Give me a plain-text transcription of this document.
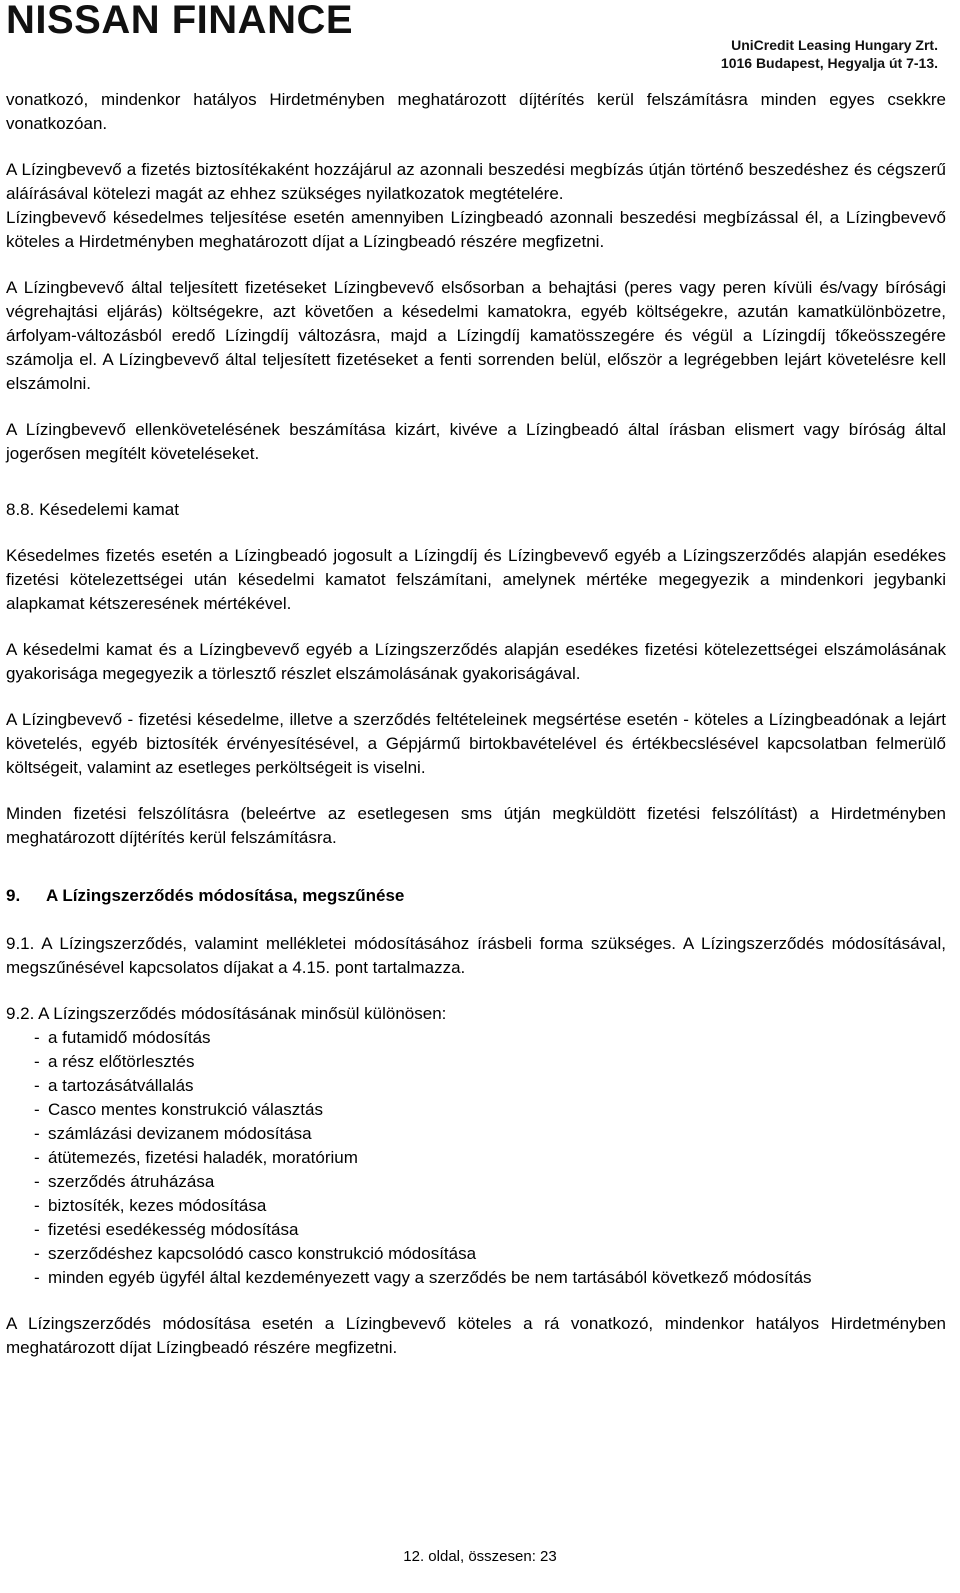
NISSAN FINANCE
UniCredit Leasing Hungary Zrt.
1016 Budapest, Hegyalja út 7-13.

vonatkozó, mindenkor hatályos Hirdetményben meghatározott díjtérítés kerül felszámításra minden egyes csekkre vonatkozóan.

A Lízingbevevő a fizetés biztosítékaként hozzájárul az azonnali beszedési megbízás útján történő beszedéshez és cégszerű aláírásával kötelezi magát az ehhez szükséges nyilatkozatok megtételére.

Lízingbevevő késedelmes teljesítése esetén amennyiben Lízingbeadó azonnali beszedési megbízással él, a Lízingbevevő köteles a Hirdetményben meghatározott díjat a Lízingbeadó részére megfizetni.

A Lízingbevevő által teljesített fizetéseket Lízingbevevő elsősorban a behajtási (peres vagy peren kívüli és/vagy bírósági végrehajtási eljárás) költségekre, azt követően a késedelmi kamatokra, egyéb költségekre, azután kamatkülönbözetre, árfolyam-változásból eredő Lízingdíj változásra, majd a Lízingdíj kamatösszegére és végül a Lízingdíj tőkeösszegére számolja el. A Lízingbevevő által teljesített fizetéseket a fenti sorrenden belül, először a legrégebben lejárt követelésre kell elszámolni.

A Lízingbevevő ellenkövetelésének beszámítása kizárt, kivéve a Lízingbeadó által írásban elismert vagy bíróság által jogerősen megítélt követeléseket.

8.8. Késedelemi kamat

Késedelmes fizetés esetén a Lízingbeadó jogosult a Lízingdíj és Lízingbevevő egyéb a Lízingszerződés alapján esedékes fizetési kötelezettségei után késedelmi kamatot felszámítani, amelynek mértéke megegyezik a mindenkori jegybanki alapkamat kétszeresének mértékével.

A késedelmi kamat és a Lízingbevevő egyéb a Lízingszerződés alapján esedékes fizetési kötelezettségei elszámolásának gyakorisága megegyezik a törlesztő részlet elszámolásának gyakoriságával.

A Lízingbevevő - fizetési késedelme, illetve a szerződés feltételeinek megsértése esetén - köteles a Lízingbeadónak a lejárt követelés, egyéb biztosíték érvényesítésével, a Gépjármű birtokbavételével és értékbecslésével kapcsolatban felmerülő költségeit, valamint az esetleges perköltségeit is viselni.

Minden fizetési felszólításra (beleértve az esetlegesen sms útján megküldött fizetési felszólítást) a Hirdetményben meghatározott díjtérítés kerül felszámításra.

9.	A Lízingszerződés módosítása, megszűnése

9.1. A Lízingszerződés, valamint mellékletei módosításához írásbeli forma szükséges. A Lízingszerződés módosításával, megszűnésével kapcsolatos díjakat a 4.15. pont tartalmazza.

9.2. A Lízingszerződés módosításának minősül különösen:

- a futamidő módosítás
- a rész előtörlesztés
- a tartozásátvállalás
- Casco mentes konstrukció választás
- számlázási devizanem módosítása
- átütemezés, fizetési haladék, moratórium
- szerződés átruházása
- biztosíték, kezes módosítása
- fizetési esedékesség módosítása
- szerződéshez kapcsolódó casco konstrukció módosítása
- minden egyéb ügyfél által kezdeményezett vagy a szerződés be nem tartásából következő módosítás

A Lízingszerződés módosítása esetén a Lízingbevevő köteles a rá vonatkozó, mindenkor hatályos Hirdetményben meghatározott díjat Lízingbeadó részére megfizetni.

12. oldal, összesen: 23
